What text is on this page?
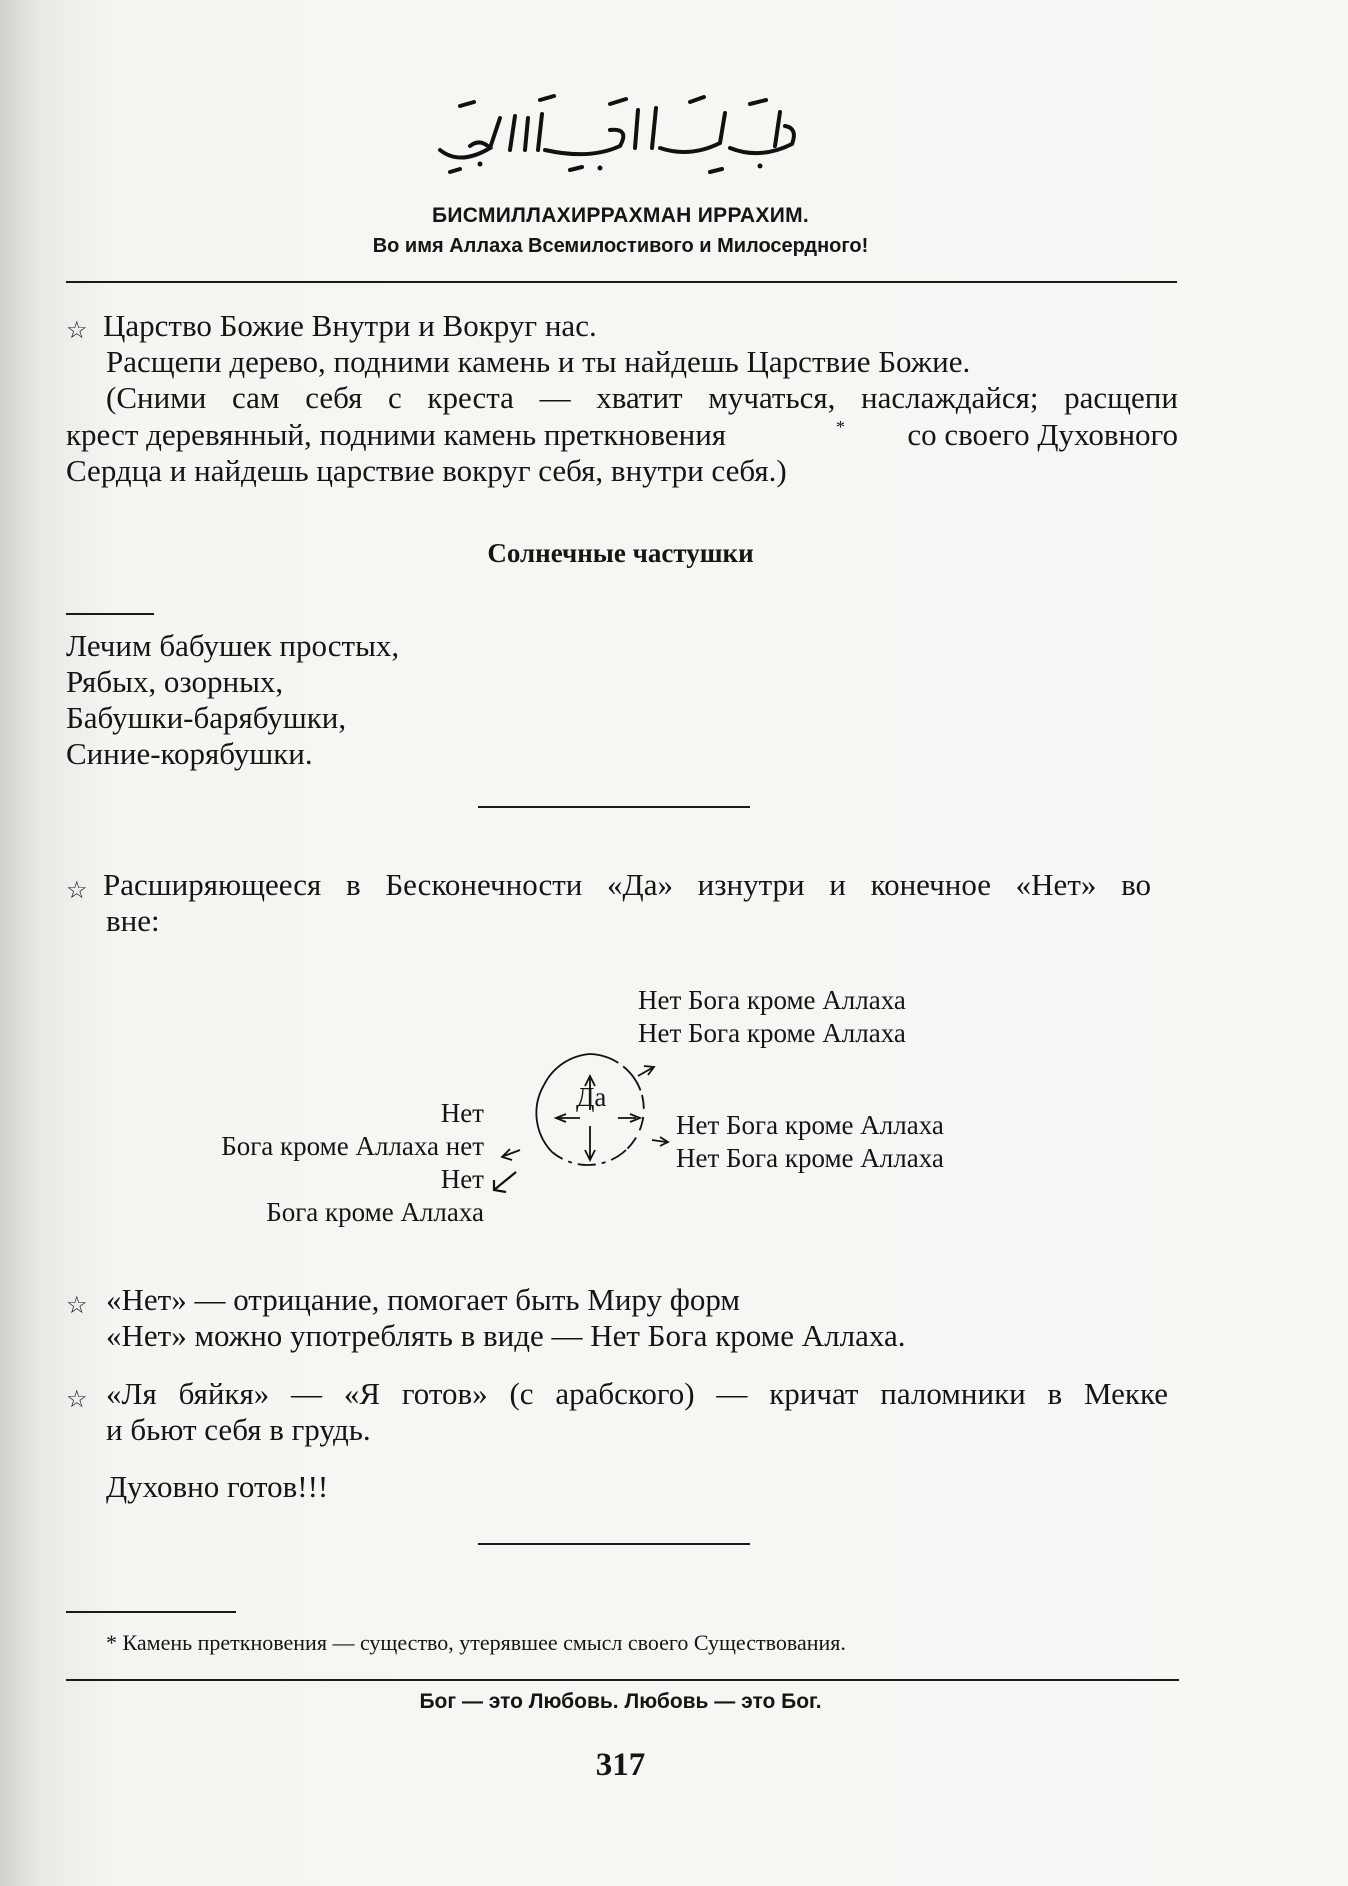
БИСМИЛЛАХИРРАХМАН ИРРАХИМ.
Во имя Аллаха Всемилостивого и Милосердного!
☆ Царство Божие Внутри и Вокруг нас.
Расщепи дерево, подними камень и ты найдешь Царствие Божие.
(Сними сам себя с креста — хватит мучаться, наслаждайся; расщепи
крест деревянный, подними камень преткновения	* со своего Духовного
Сердца и найдешь царствие вокруг себя, внутри себя.)
Солнечные частушки
Лечим бабушек простых,
Рябых, озорных,
Бабушки-барябушки,
Синие-корябушки.
☆ Расширяющееся в Бесконечности «Да» изнутри и конечное «Нет» во
вне:
Нет Бога кроме Аллаха
Нет Бога кроме Аллаха
Нет Бога кроме Аллаха
Нет Бога кроме Аллаха
Нет
Бога кроме Аллаха нет
Нет
Бога кроме Аллаха
Да
☆ «Нет» — отрицание, помогает быть Миру форм
«Нет» можно употреблять в виде — Нет Бога кроме Аллаха.
☆ «Ля бяйкя» — «Я готов» (с арабского) — кричат паломники в Мекке
и бьют себя в грудь.
Духовно готов!!!
* Камень преткновения — существо, утерявшее смысл своего Существования.
Бог — это Любовь. Любовь — это Бог.
317
